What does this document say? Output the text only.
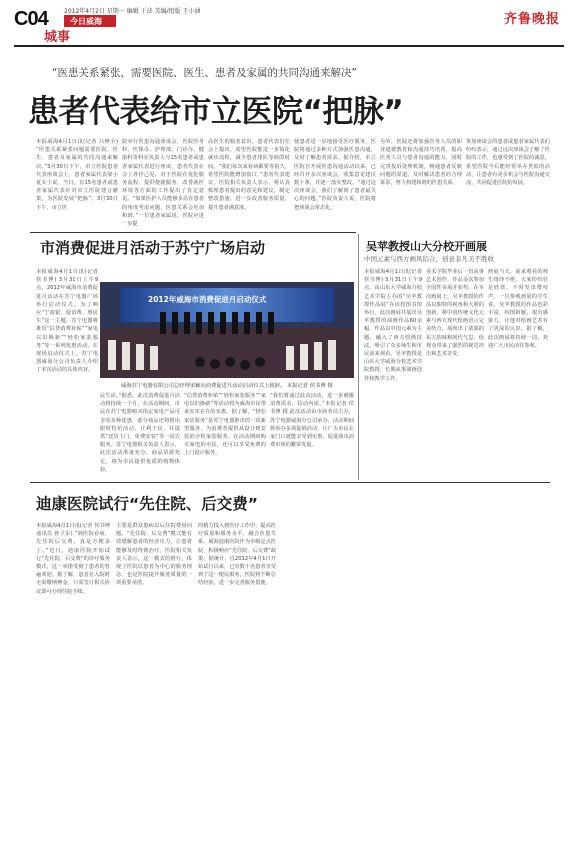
C04	2012年4月2日 星期一 编辑 于法 美编/组版 王小涵
今日威海
城事
齐鲁晚报
“医患关系紧张，需要医院、医生、患者及家属的共同沟通来解决”
患者代表给市立医院“把脉”
本报威海4月1日讯(记者 吕修全) “医患关系紧张问题需要医院、医生、患者及家属的共同沟通来解决。”3月30日下午，市立医院患者代表座谈会上，患者家属代表梁小夏女士说。当日，有15名患者或患者家属代表针对市立医院建言献策，为医院发展“把脉”。3月30日下午，市立医
院举行医患沟通座谈会，医院医务科、医保办、护理部、门诊办、健康科等科室负责人与15名患者或患者家属代表进行座谈。患者代表在会上各抒己见，对于医院在优化服务流程、提供便捷服务、改善就医环境等方面的工作提出了肯定意见。“如果医护人员能够多站在患者的角度考虑问题，医患关系会更加和谐。”一位患者家属说，医院应进一步提
高医生的服务意识。患者代表们在会上提出，希望医院能进一步简化就诊流程，减少患者排队等候的时间。“我们每次来看病都要等很久，希望医院能增加窗口。”患者代表建议。医院相关负责人表示，将认真梳理患者提出的意见和建议，制定整改措施，进一步改善服务质量，提升患者满意度。
使患者进一步地接受医疗服务，医院将通过多种方式加强医患沟通，及时了解患者需求。据介绍，市立医院自开展医患沟通活动以来，已经召开多次座谈会，收集意见建议数十条，并逐一落实整改。“通过这次座谈会，我们了解到了患者最关心的问题。”医院负责人说，医院将把座谈会常态化。
另外，医院还将加强医务人员的职业道德教育和沟通技巧培训，提高医务人员与患者沟通的能力，同时完善投诉处理机制，畅通患者反映问题的渠道，及时解决患者的合理诉求，努力构建和谐的医患关系。
参加座谈会的患者或患者家属代表们纷纷表示，通过这次座谈会了解了医院的工作，也感受到了医院的诚意，希望医院今后能经常举办类似的活动，让患者有更多机会与医院沟通交流，共同促进医院的发展。
市消费促进月活动于苏宁广场启动
本报威海4月1日讯(记者 侯书博) 3月31日上午9点，2012年威海市消费促进月活动在苏宁电器广场举行启动仪式。为了响应“宁波银、促消费、惠民生”这一主题，苏宁电器将推出“信贷消费补贴”“家电以旧换新”“轻松家装服务”等一系列优惠活动。在现场启动仪式上，苏宁电器威海分公司负责人介绍了本次活动的具体内容。
2012年威海市消费促进月启动仪式
威海苏宁电器有限公司总经理宋颖向消费促进月活动启动仪式上致辞。 本报记者 侯书博 摄
民生活。”据悉，此次消费促进月活动将持续一个月，在活动期间，市民在苏宁电器购买指定家电产品可享受多种优惠，部分商品还将推出限时特价活动，让利于民，并提供“送货上门、免费安装”等一站式服务。苏宁电器相关负责人表示，此次活动准备充分，商品货源充足，将为市民提供优质的购物体验。
“信贷消费补贴”“轻松家装服务”“家电以旧换新”等活动将为威海市民带来实实在在的实惠。据了解，“轻松家装服务”是苏宁电器推出的一项新型服务，为消费者提供从设计到安装的全程家装服务，在活动期间购买家电的市民，还可以享受免费的上门设计服务。
“我们将通过此次活动，进一步刺激消费需求，拉动内需。”本报记者 侯书博 摄 此次活动由市商务局主办，苏宁电器威海分公司承办，活动期间将举办多场促销活动，让广大市民在家门口就能享受到实惠，促进我市消费市场的繁荣发展。
吴苹教授山大分校开画展
中国元素与西方画风结合，创意非凡美不胜收
本报威海4月1日讯(记者 侯书博) 3月31日上午9点，由山东大学威海分校艺术学院主办的“吴苹教授作品展”在该校图书馆举行。此次画展共展出吴苹教授的油画作品60余幅，作品以中国元素为主题，融入了西方绘画技法，吸引了众多师生和市民前来观看。吴苹教授是山东大学威海分校艺术学院教授，长期从事油画创作和教学工作。
美术学院毕业后一直从事艺术创作，作品多次参加全国性美展并获奖。在本次画展上，吴苹教授的作品以独特的视角和大胆的创新，将中国传统文化元素与西方现代绘画语言完美结合，展现出了浓郁的东方韵味和现代气息，给观众带来了强烈的视觉冲击和艺术享受。
画展当天，前来观看的师生络绎不绝，大家纷纷驻足欣赏，不时发出赞叹声。一位参观画展的学生说，吴苹教授的作品色彩丰富，构图新颖，很有感染力，让他对绘画艺术有了更深的认识。据了解，此次画展将持续一周，欢迎广大市民前往参观。
迪康医院试行“先住院、后交费”
本报威海4月1日讯(记者 侯书博 通讯员 孙卫东) “到医院看病，先住院后交费，真是方便多了。”近日，迪康医院开始试行“先住院、后交费”的诊疗服务模式，这一举措受到了患者的普遍欢迎。据了解，患者在入院时无需缴纳押金，只需签订相关协议即可办理住院手续。
主要是群众患病以后住院费用问题，“先住院、后交费”模式能有效缓解患者的经济压力，让患者能够及时得到治疗。医院相关负责人表示，这一模式的推行，体现了医院以患者为中心的服务理念，也是医院提升服务质量的一项重要举措。
的精力投入到医疗工作中，提高医疗质量和服务水平，融合医患关系。威海迪康医院作为市级定点医院，积极响应“先住院、后交费”政策，据统计，自2012年4月1日开始试行以来，已有数十名患者享受到了这一便民服务，医院将不断总结经验，进一步完善服务措施。
